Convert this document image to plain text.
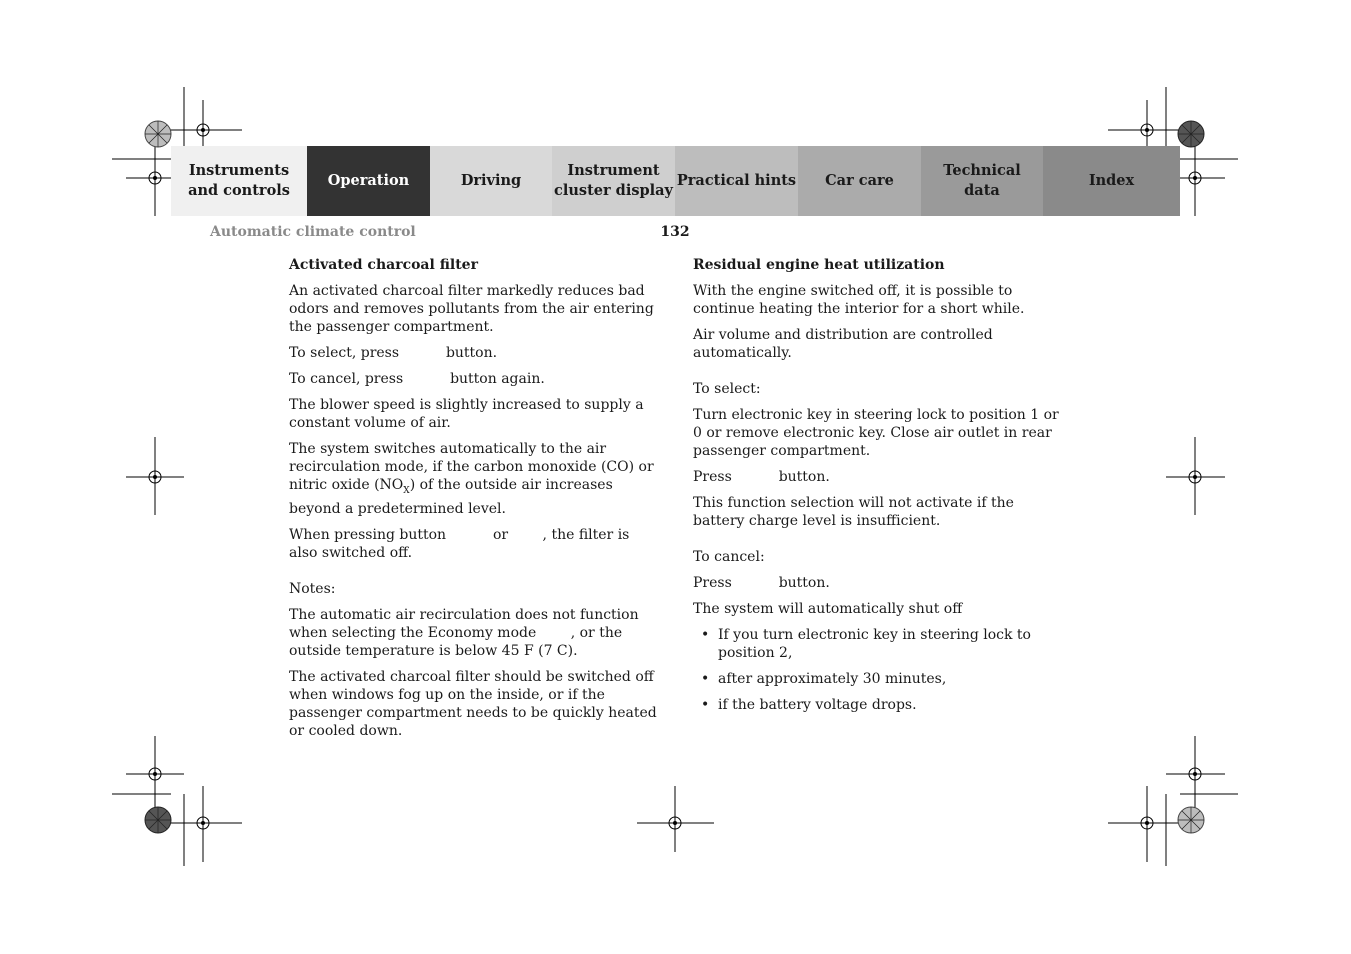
Instruments
and controls
Operation	Driving
Instrument
cluster display
Practical hints Car care
Technical
data
Index
Automatic climate control	132
Activated charcoal filter

An activated charcoal filter markedly reduces bad odors and removes pollutants from the air entering the passenger compartment.

To select, press	button.

To cancel, press	button again.

The blower speed is slightly increased to supply a constant volume of air.

The system switches automatically to the air recirculation mode, if the carbon monoxide (CO) or nitric oxide $(NO_X)$ of the outside air increases beyond a predetermined level.

When pressing button	or , the filter is also switched off.

Notes:

The automatic air recirculation does not function when selecting the Economy mode , or the outside temperature is below 45 F (7 C).

The activated charcoal filter should be switched off when windows fog up on the inside, or if the passenger compartment needs to be quickly heated or cooled down.

Residual engine heat utilization

With the engine switched off, it is possible to continue heating the interior for a short while.

Air volume and distribution are controlled automatically.

To select:

Turn electronic key in steering lock to position 1 or 0 or remove electronic key. Close air outlet in rear passenger compartment.

Press	button.

This function selection will not activate if the battery charge level is insufficient.

To cancel:

Press	button.

The system will automatically shut off

• If you turn electronic key in steering lock to position 2,
• after approximately 30 minutes,
• if the battery voltage drops.
